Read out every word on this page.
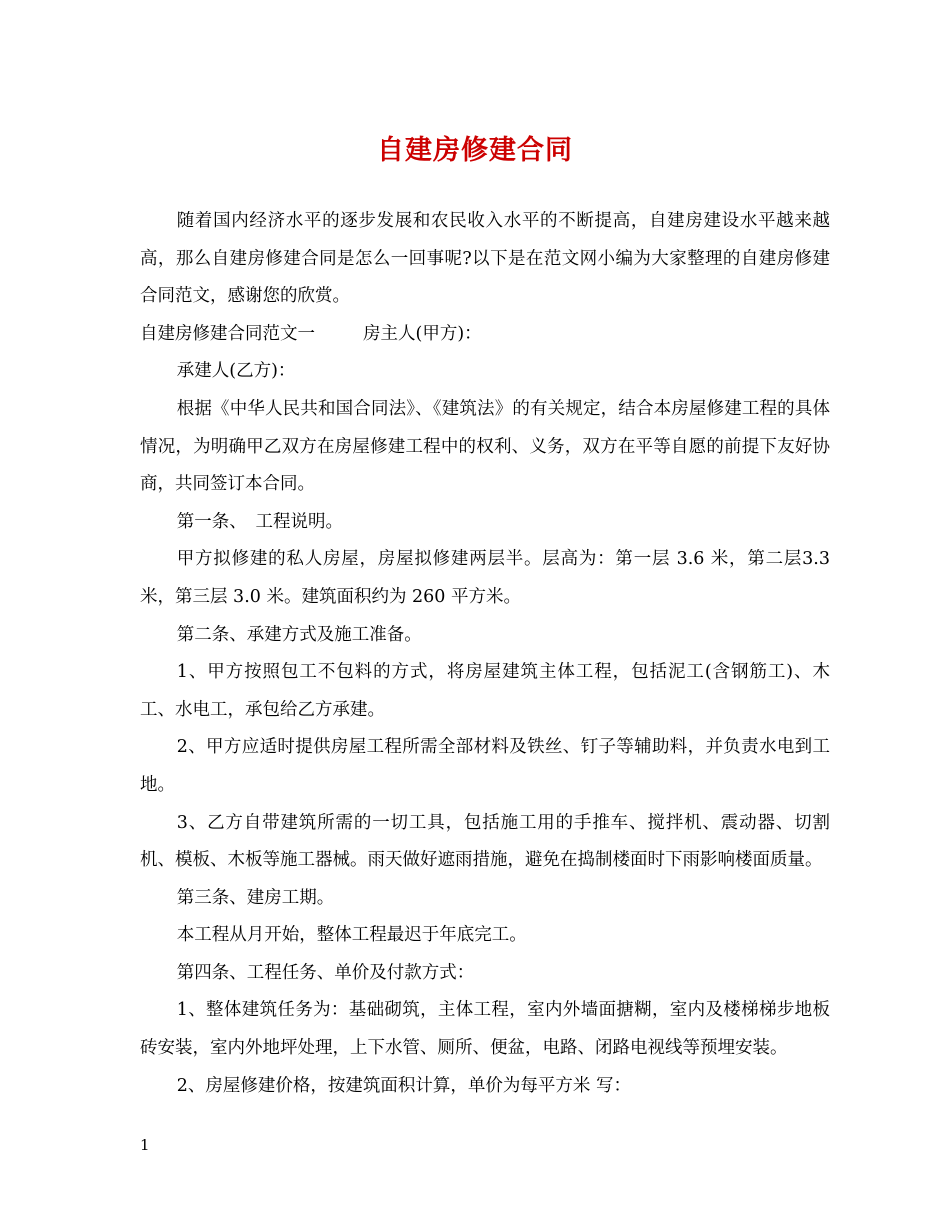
自建房修建合同

随着国内经济水平的逐步发展和农民收入水平的不断提高，自建房建设水平越来越高，那么自建房修建合同是怎么一回事呢?以下是在范文网小编为大家整理的自建房修建合同范文，感谢您的欣赏。

自建房修建合同范文一	房主人(甲方)：

承建人(乙方)：

根据《中华人民共和国合同法》、《建筑法》的有关规定，结合本房屋修建工程的具体情况，为明确甲乙双方在房屋修建工程中的权利、义务，双方在平等自愿的前提下友好协商，共同签订本合同。

第一条、　工程说明。

甲方拟修建的私人房屋，房屋拟修建两层半。层高为：第一层 3.6 米，第二层3.3 米，第三层 3.0 米。建筑面积约为 260 平方米。

第二条、承建方式及施工准备。

1、甲方按照包工不包料的方式，将房屋建筑主体工程，包括泥工(含钢筋工)、木工、水电工，承包给乙方承建。

2、甲方应适时提供房屋工程所需全部材料及铁丝、钉子等辅助料，并负责水电到工地。

3、乙方自带建筑所需的一切工具，包括施工用的手推车、搅拌机、震动器、切割机、模板、木板等施工器械。雨天做好遮雨措施，避免在捣制楼面时下雨影响楼面质量。

第三条、建房工期。

本工程从月开始，整体工程最迟于年底完工。

第四条、工程任务、单价及付款方式：

1、整体建筑任务为：基础砌筑，主体工程，室内外墙面搪糊，室内及楼梯梯步地板砖安装，室内外地坪处理，上下水管、厕所、便盆，电路、闭路电视线等预埋安装。

2、房屋修建价格，按建筑面积计算，单价为每平方米 写：

1
